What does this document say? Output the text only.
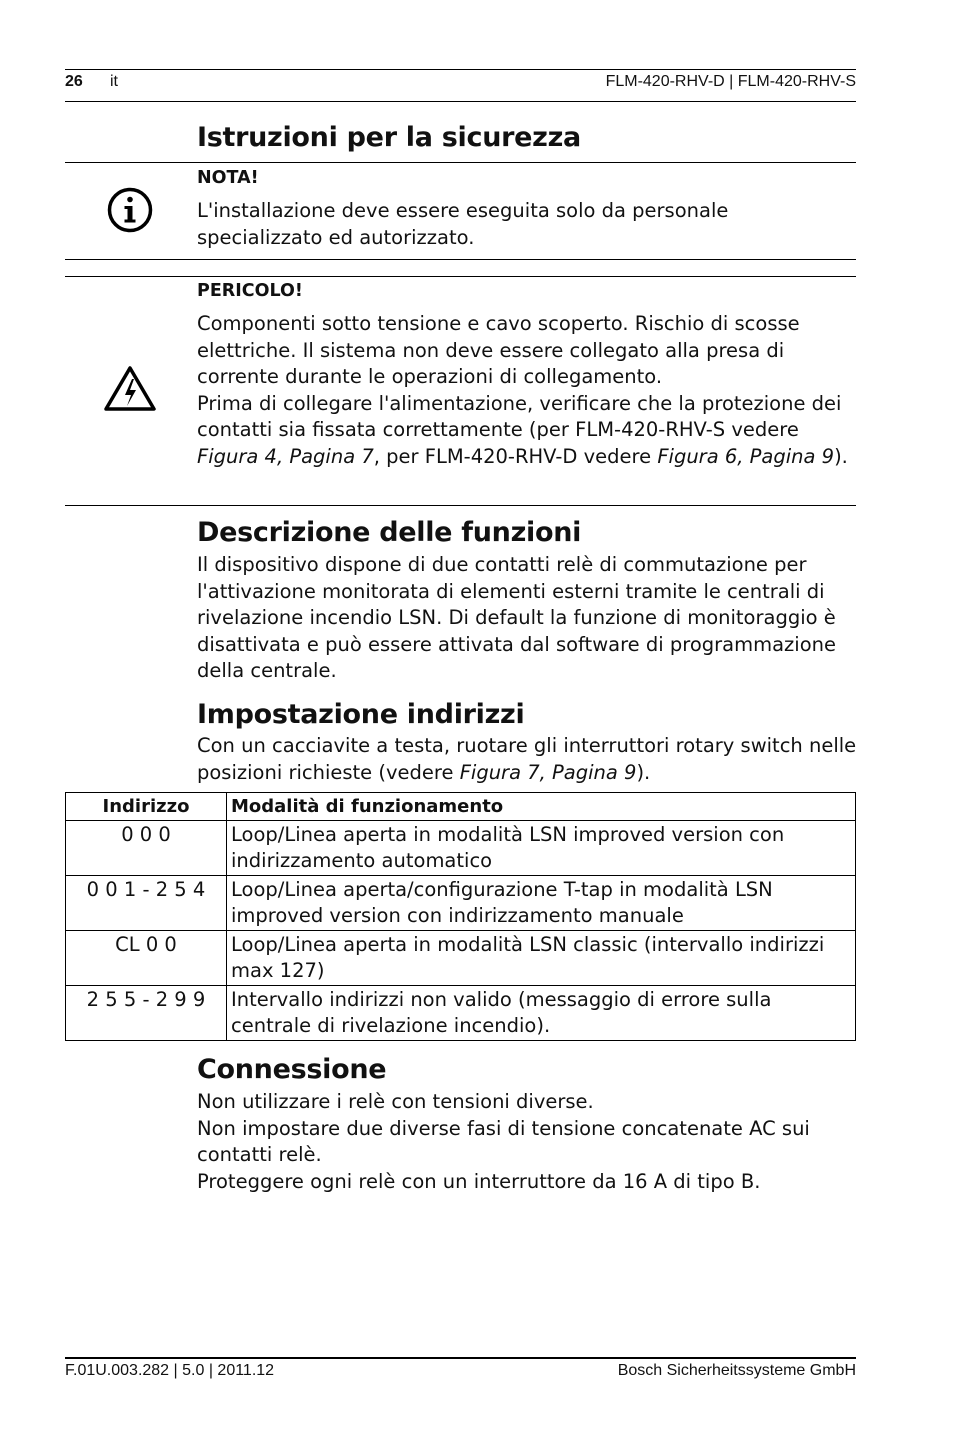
26 it	FLM-420-RHV-D | FLM-420-RHV-S
Istruzioni per la sicurezza
NOTA!
L'installazione deve essere eseguita solo da personale specializzato ed autorizzato.
PERICOLO!
Componenti sotto tensione e cavo scoperto. Rischio di scosse elettriche. Il sistema non deve essere collegato alla presa di corrente durante le operazioni di collegamento.
Prima di collegare l'alimentazione, verificare che la protezione dei contatti sia fissata correttamente (per FLM-420-RHV-S vedere Figura 4, Pagina 7, per FLM-420-RHV-D vedere Figura 6, Pagina 9).
Descrizione delle funzioni
Il dispositivo dispone di due contatti relè di commutazione per l'attivazione monitorata di elementi esterni tramite le centrali di rivelazione incendio LSN. Di default la funzione di monitoraggio è disattivata e può essere attivata dal software di programmazione della centrale.
Impostazione indirizzi
Con un cacciavite a testa, ruotare gli interruttori rotary switch nelle posizioni richieste (vedere Figura 7, Pagina 9).
Indirizzo	Modalità di funzionamento
0 0 0	Loop/Linea aperta in modalità LSN improved version con indirizzamento automatico
0 0 1 - 2 5 4	Loop/Linea aperta/configurazione T-tap in modalità LSN improved version con indirizzamento manuale
CL 0 0	Loop/Linea aperta in modalità LSN classic (intervallo indirizzi max 127)
2 5 5 - 2 9 9	Intervallo indirizzi non valido (messaggio di errore sulla centrale di rivelazione incendio).
Connessione
Non utilizzare i relè con tensioni diverse.
Non impostare due diverse fasi di tensione concatenate AC sui contatti relè.
Proteggere ogni relè con un interruttore da 16 A di tipo B.
F.01U.003.282 | 5.0 | 2011.12	Bosch Sicherheitssysteme GmbH
